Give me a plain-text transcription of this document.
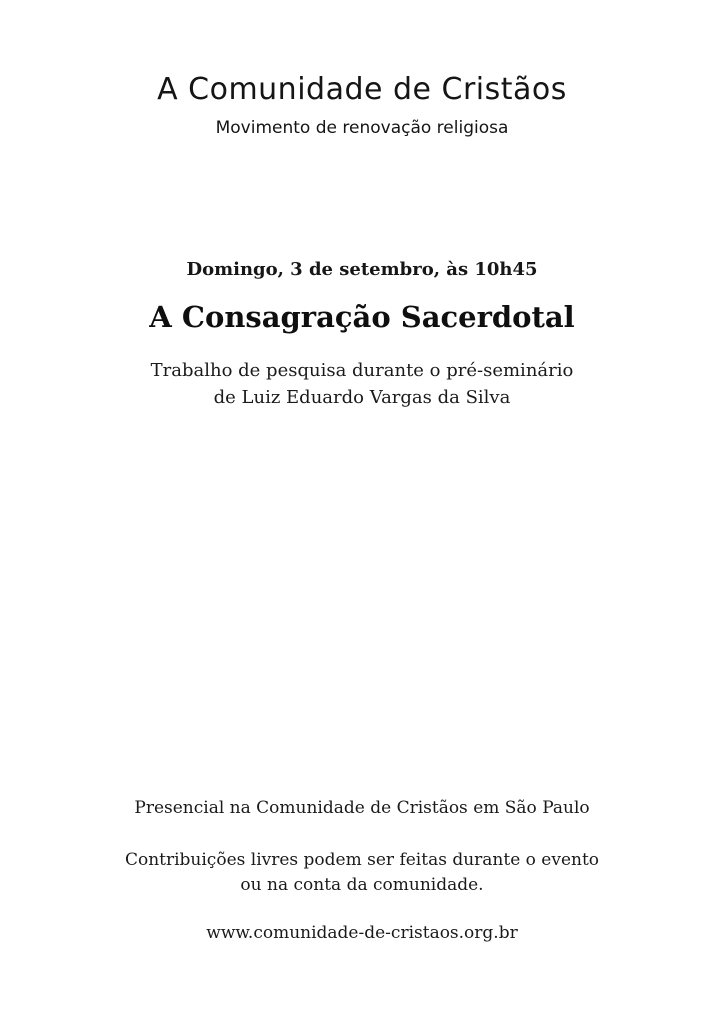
A Comunidade de Cristãos
Movimento de renovação religiosa
Domingo, 3 de setembro, às 10h45
A Consagração Sacerdotal
Trabalho de pesquisa durante o pré-seminário
de Luiz Eduardo Vargas da Silva
Presencial na Comunidade de Cristãos em São Paulo
Contribuições livres podem ser feitas durante o evento
ou na conta da comunidade.
www.comunidade-de-cristaos.org.br
